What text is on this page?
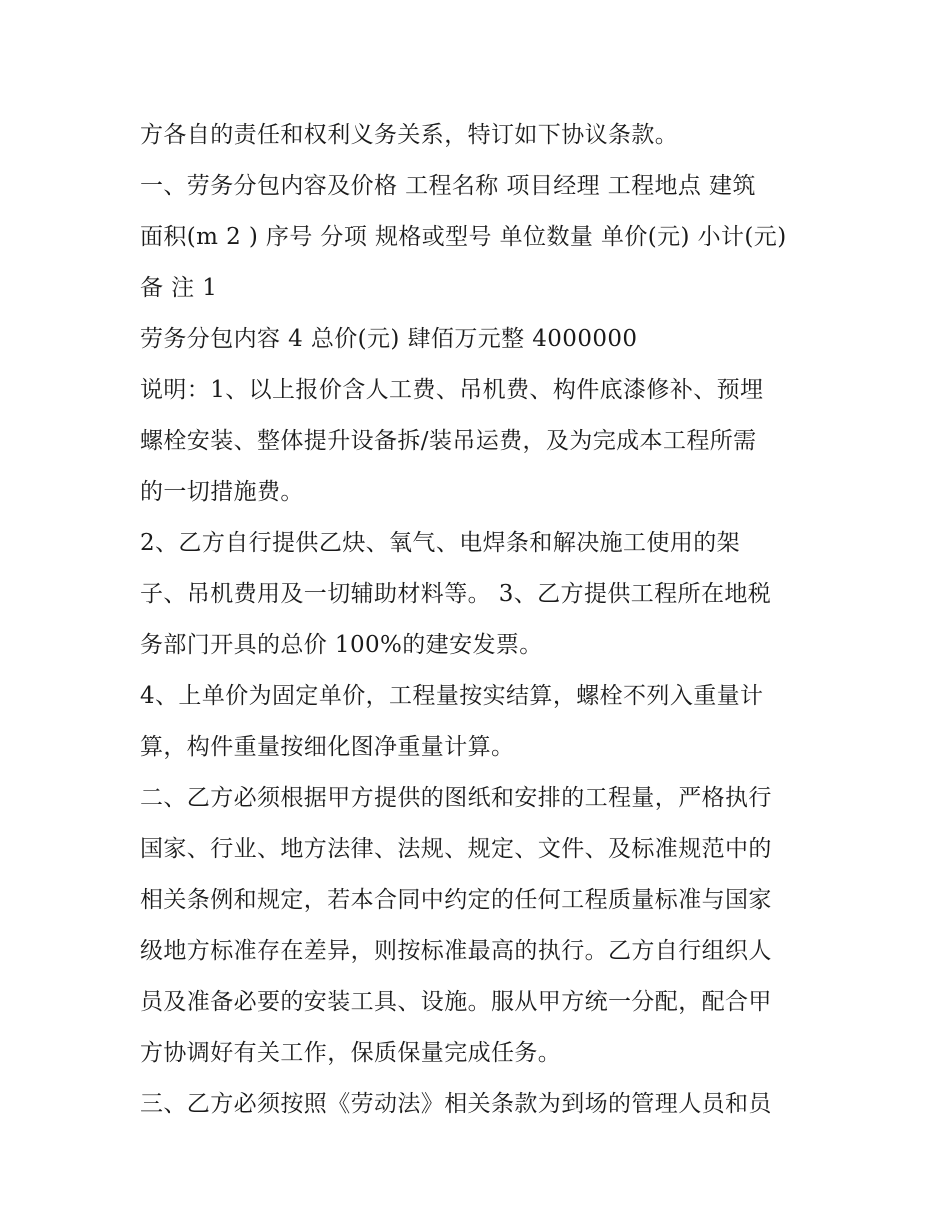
方各自的责任和权利义务关系，特订如下协议条款。
一、劳务分包内容及价格 工程名称 项目经理 工程地点 建筑
面积(m 2 ) 序号 分项 规格或型号 单位数量 单价(元) 小计(元)
备 注 1
劳务分包内容 4 总价(元) 肆佰万元整 4000000
说明：1、以上报价含人工费、吊机费、构件底漆修补、预埋
螺栓安装、整体提升设备拆/装吊运费，及为完成本工程所需
的一切措施费。
2、乙方自行提供乙炔、氧气、电焊条和解决施工使用的架
子、吊机费用及一切辅助材料等。 3、乙方提供工程所在地税
务部门开具的总价 100%的建安发票。
4、上单价为固定单价，工程量按实结算，螺栓不列入重量计
算，构件重量按细化图净重量计算。
二、乙方必须根据甲方提供的图纸和安排的工程量，严格执行
国家、行业、地方法律、法规、规定、文件、及标准规范中的
相关条例和规定，若本合同中约定的任何工程质量标准与国家
级地方标准存在差异，则按标准最高的执行。乙方自行组织人
员及准备必要的安装工具、设施。服从甲方统一分配，配合甲
方协调好有关工作，保质保量完成任务。
三、乙方必须按照《劳动法》相关条款为到场的管理人员和员
